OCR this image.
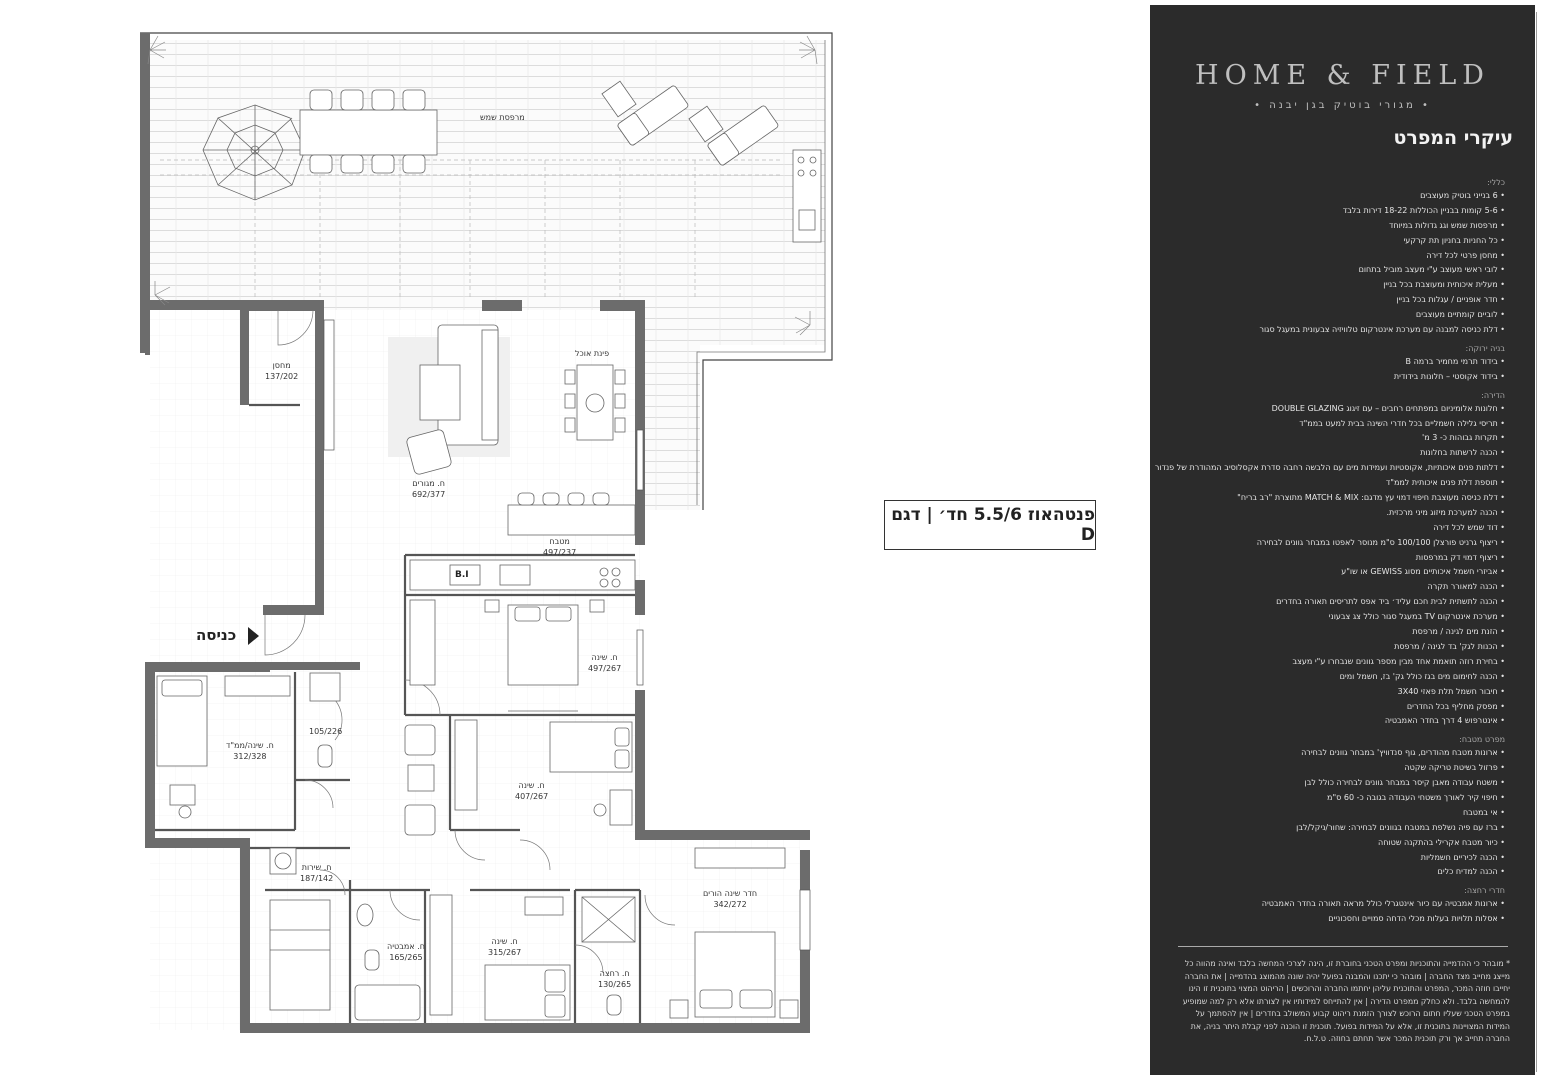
מרפסת שמש
מחסן
137/202
פינת אוכל
ח. מגורים
692/377
מטבח
497/237
ח. שינה
497/267
ח. שינה
407/267
ח. שינה/ממ"ד
312/328
105/226
ח. שירות
187/142
ח. אמבטיה
165/265
ח. שינה
315/267
ח. רחצה
130/265
חדר שינה הורים
342/272
B.I
כניסה
פנטהאוז 5.5/6 חד׳ | דגם D
HOME & FIELD
• מגורי בוטיק בגן יבנה •
עיקרי המפרט
כללי:
• 6 בנייני בוטיק מעוצבים
• 5-6 קומות בבניין הכוללות 18-22 דירות בלבד
• מרפסות שמש וגג גדולות במיוחד
• כל החניות בחניון תת קרקעי
• מחסן פרטי לכל דירה
• לובי ראשי מעוצב ע"י מעצב מוביל בתחום
• מעלית איכותית ומעוצבת בכל בניין
• חדר אופניים / עגלות בכל בניין
• לוביים קומתיים מעוצבים
• דלת כניסה למבנה עם מערכת אינטרקום טלוויזיה צבעונית במעגל סגור
בניה ירוקה:
• בידוד תרמי מחמיר ברמה B
• בידוד אקוסטי – חלונות בידודית
הדירה:
• חלונות אלומיניום במפתחים רחבים – עם זיגוג DOUBLE GLAZING
• תריסי גלילה חשמליים בכל חדרי השינה בבית למעט בממ"ד
• תקרות גבוהות כ- 3 מ'
• הכנה לרשתות בחלונות
• דלתות פנים איכותיות, אקוסטיות ועמידות מים עם הלבשה רחבה סדרת אקסלוסיב המהודרת של פנדור
• תוספת דלת פנים איכותית לממ"ד
• דלת כניסה מעוצבת חיפוי דמוי עץ מדגם: MATCH & MIX מתוצרת "רב בריח"
• הכנה למערכת מיזוג מיני מרכזית.
• דוד שמש לכל דירה
• ריצוף גרניט פורצלן 100/100 ס"מ מנוסר לאפטו במבחר גוונים לבחירה
• ריצוף דמוי דק במרפסות
• אביזרי חשמל איכותיים מסוג GEWISS או שו"ע
• הכנה למאורר תקרה
• הכנה לתשתית לבית חכם עליד׳ ביד אפס לתריסים תאורה בחדרים
• מערכת אינטרקום TV במעגל סגור כולל צג צבעוני
• הזנת מים לגינה / מרפסת
• הכנות לגק' בד לגינה / מרפסת
• בחירת רוזה תואמת אחד מבין מספר גוונים שנבחרו ע"י מעצב
• הכנה לחימום מים בגז כולל גק' בז, חשמל ומים
• חיבור חשמל תלת פאזי 3X40
• מפסק מחליף בכל החדרים
• אינטרפוש 4 דרך בחדר האמבטיה
מפרט מטבח:
• ארונות מטבח מהודרים, גוף סנדוויץ' במבחר גוונים לבחירה
• פרזול בשיטת טריקה שקטה
• משטח עבודה מאבן קיסר במבחר גוונים לבחירה כולל לבן
• חיפוי קיר לאורך משטחי העבודה בגובה כ- 60 ס"מ
• אי במטבח
• ברז עם פיה נשלפת במטבח בגוונים לבחירה: שחור/ניקל/לבן
• כיור מטבח אקרילי בהתקנה שטוחה
• הכנה לכיריים חשמליות
• הכנה למדיח כלים
חדרי רחצה:
• ארונות אמבטיה עם כיור אינטגרלי כולל מראה תאורה בחדר האמבטיה
• אסלות תלויות בעלות מכלי הדחה סמויים וחסכוניים
* מובהר כי ההדמייה והתוכניות ומפרט הטכני בחוברת זו, הינה לצרכי המחשה בלבד ואינה מהווה כל מייצג מחייב מצד החברה | מובהר כי יתכנו והמבנה בפועל יהיה שונה מהמוצג בהדמייה | את החברה יחייבו חוזה המכר, המפרט והתוכנית עליהן יחתמו החברה והרוכשים | הריהוט המצוי בתוכנית זו הינו להמחשה בלבד. ולא כחלק ממפרט הדירה | אין להתייחס למידותיו אין לצורתו אלא רק למה שמופיע במפרט הטכני שעליו חתום הרוכש לצורך הזמנת ריהוט קבוע המשולב בחדרים | אין להסתמך על המידות המצויינות בתוכנית זו, אלא על המידות בפועל. תוכנית זו הוכנה לפני קבלת היתר בניה, את החברה תחייב אך ורק תוכנית המכר אשר תחתם בחוזה. ט.ל.ח.
